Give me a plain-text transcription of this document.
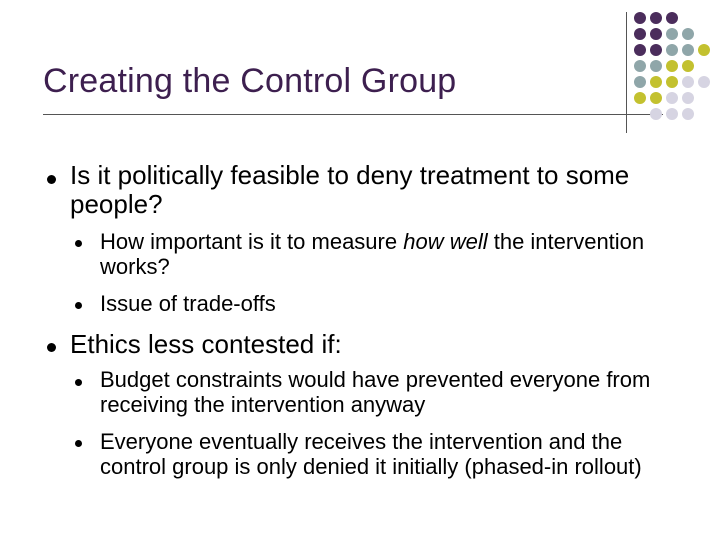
Creating the Control Group

Is it politically feasible to deny treatment to some people?

How important is it to measure how well the intervention works?

Issue of trade-offs

Ethics less contested if:

Budget constraints would have prevented everyone from receiving the intervention anyway

Everyone eventually receives the intervention and the control group is only denied it initially (phased-in rollout)
